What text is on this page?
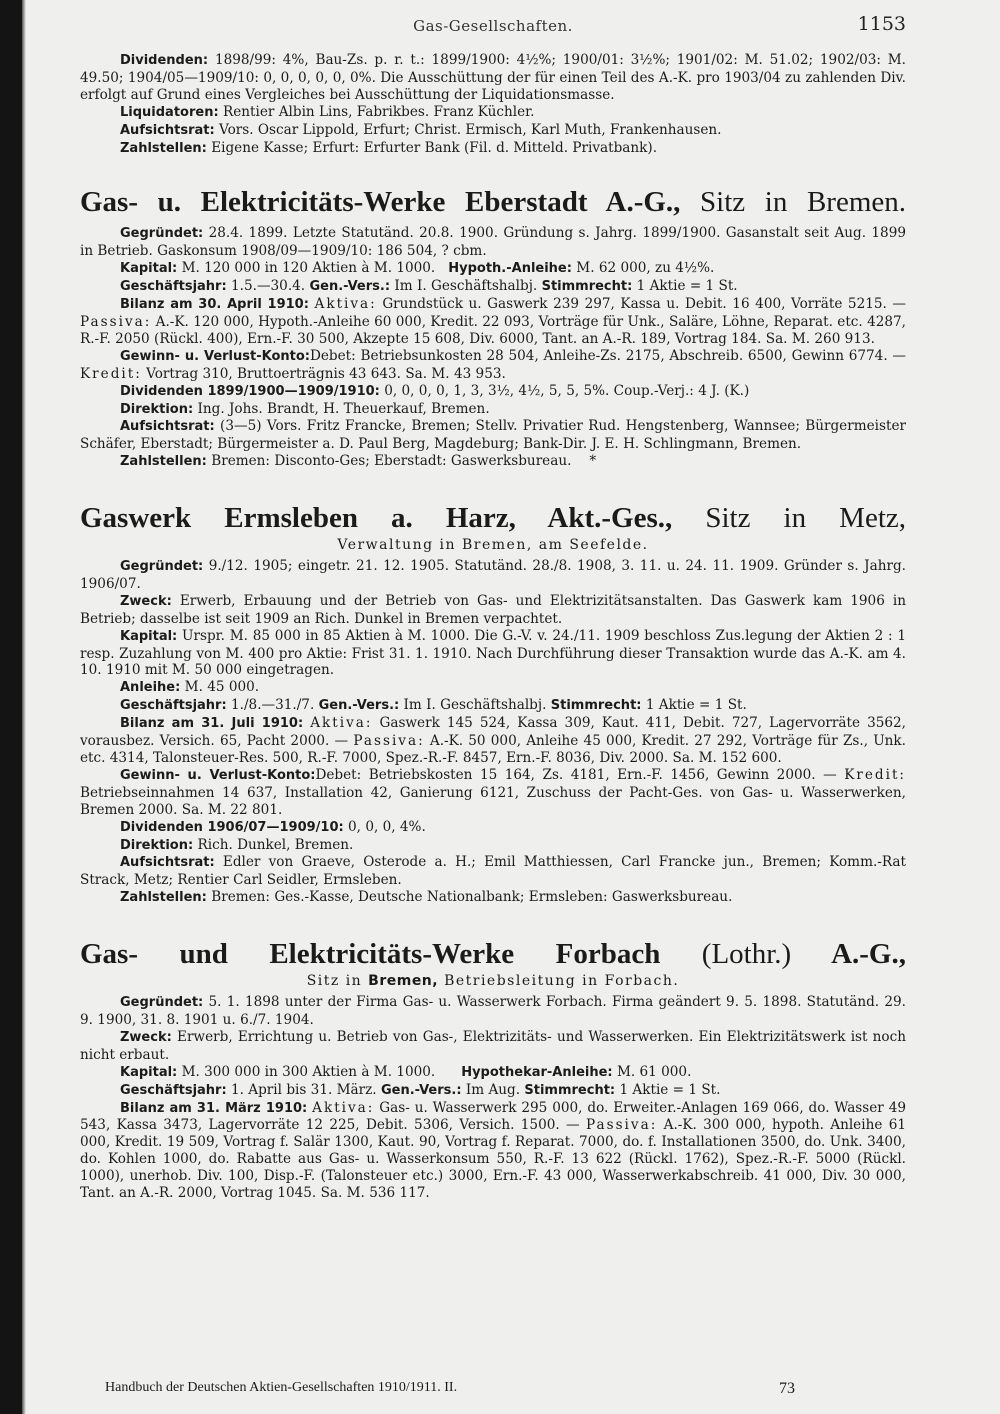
Gas-Gesellschaften.	1153

Dividenden: 1898/99: 4%, Bau-Zs. p. r. t.: 1899/1900: 4½%; 1900/01: 3½%; 1901/02: M. 51.02; 1902/03: M. 49.50; 1904/05—1909/10: 0, 0, 0, 0, 0, 0%. Die Ausschüttung der für einen Teil des A.-K. pro 1903/04 zu zahlenden Div. erfolgt auf Grund eines Vergleiches bei Ausschüttung der Liquidationsmasse.

Liquidatoren: Rentier Albin Lins, Fabrikbes. Franz Küchler.

Aufsichtsrat: Vors. Oscar Lippold, Erfurt; Christ. Ermisch, Karl Muth, Frankenhausen.

Zahlstellen: Eigene Kasse; Erfurt: Erfurter Bank (Fil. d. Mitteld. Privatbank).

Gas- u. Elektricitäts-Werke Eberstadt A.-G., Sitz in Bremen.

Gegründet: 28.4. 1899. Letzte Statutänd. 20.8. 1900. Gründung s. Jahrg. 1899/1900. Gasanstalt seit Aug. 1899 in Betrieb. Gaskonsum 1908/09—1909/10: 186 504, ? cbm.

Kapital: M. 120 000 in 120 Aktien à M. 1000. Hypoth.-Anleihe: M. 62 000, zu 4½%.

Geschäftsjahr: 1.5.—30.4. Gen.-Vers.: Im I. Geschäftshalbj. Stimmrecht: 1 Aktie = 1 St.

Bilanz am 30. April 1910: Aktiva: Grundstück u. Gaswerk 239 297, Kassa u. Debit. 16 400, Vorräte 5215. — Passiva: A.-K. 120 000, Hypoth.-Anleihe 60 000, Kredit. 22 093, Vorträge für Unk., Saläre, Löhne, Reparat. etc. 4287, R.-F. 2050 (Rückl. 400), Ern.-F. 30 500, Akzepte 15 608, Div. 6000, Tant. an A.-R. 189, Vortrag 184. Sa. M. 260 913.

Gewinn- u. Verlust-Konto:Debet: Betriebsunkosten 28 504, Anleihe-Zs. 2175, Abschreib. 6500, Gewinn 6774. — Kredit: Vortrag 310, Bruttoerträgnis 43 643. Sa. M. 43 953.

Dividenden 1899/1900—1909/1910: 0, 0, 0, 0, 1, 3, 3½, 4½, 5, 5, 5%. Coup.-Verj.: 4 J. (K.)

Direktion: Ing. Johs. Brandt, H. Theuerkauf, Bremen.

Aufsichtsrat: (3—5) Vors. Fritz Francke, Bremen; Stellv. Privatier Rud. Hengstenberg, Wannsee; Bürgermeister Schäfer, Eberstadt; Bürgermeister a. D. Paul Berg, Magdeburg; Bank-Dir. J. E. H. Schlingmann, Bremen.

Zahlstellen: Bremen: Disconto-Ges; Eberstadt: Gaswerksbureau. *

Gaswerk Ermsleben a. Harz, Akt.-Ges., Sitz in Metz,
Verwaltung in Bremen, am Seefelde.

Gegründet: 9./12. 1905; eingetr. 21. 12. 1905. Statutänd. 28./8. 1908, 3. 11. u. 24. 11. 1909. Gründer s. Jahrg. 1906/07.

Zweck: Erwerb, Erbauung und der Betrieb von Gas- und Elektrizitätsanstalten. Das Gaswerk kam 1906 in Betrieb; dasselbe ist seit 1909 an Rich. Dunkel in Bremen verpachtet.

Kapital: Urspr. M. 85 000 in 85 Aktien à M. 1000. Die G.-V. v. 24./11. 1909 beschloss Zus.legung der Aktien 2 : 1 resp. Zuzahlung von M. 400 pro Aktie: Frist 31. 1. 1910. Nach Durchführung dieser Transaktion wurde das A.-K. am 4. 10. 1910 mit M. 50 000 eingetragen.

Anleihe: M. 45 000.

Geschäftsjahr: 1./8.—31./7. Gen.-Vers.: Im I. Geschäftshalbj. Stimmrecht: 1 Aktie = 1 St.

Bilanz am 31. Juli 1910: Aktiva: Gaswerk 145 524, Kassa 309, Kaut. 411, Debit. 727, Lagervorräte 3562, vorausbez. Versich. 65, Pacht 2000. — Passiva: A.-K. 50 000, Anleihe 45 000, Kredit. 27 292, Vorträge für Zs., Unk. etc. 4314, Talonsteuer-Res. 500, R.-F. 7000, Spez.-R.-F. 8457, Ern.-F. 8036, Div. 2000. Sa. M. 152 600.

Gewinn- u. Verlust-Konto:Debet: Betriebskosten 15 164, Zs. 4181, Ern.-F. 1456, Gewinn 2000. — Kredit: Betriebseinnahmen 14 637, Installation 42, Ganierung 6121, Zuschuss der Pacht-Ges. von Gas- u. Wasserwerken, Bremen 2000. Sa. M. 22 801.

Dividenden 1906/07—1909/10: 0, 0, 0, 4%.

Direktion: Rich. Dunkel, Bremen.

Aufsichtsrat: Edler von Graeve, Osterode a. H.; Emil Matthiessen, Carl Francke jun., Bremen; Komm.-Rat Strack, Metz; Rentier Carl Seidler, Ermsleben.

Zahlstellen: Bremen: Ges.-Kasse, Deutsche Nationalbank; Ermsleben: Gaswerksbureau.

Gas- und Elektricitäts-Werke Forbach (Lothr.) A.-G.,
Sitz in Bremen, Betriebsleitung in Forbach.

Gegründet: 5. 1. 1898 unter der Firma Gas- u. Wasserwerk Forbach. Firma geändert 9. 5. 1898. Statutänd. 29. 9. 1900, 31. 8. 1901 u. 6./7. 1904.

Zweck: Erwerb, Errichtung u. Betrieb von Gas-, Elektrizitäts- und Wasserwerken. Ein Elektrizitätswerk ist noch nicht erbaut.

Kapital: M. 300 000 in 300 Aktien à M. 1000. Hypothekar-Anleihe: M. 61 000.

Geschäftsjahr: 1. April bis 31. März. Gen.-Vers.: Im Aug. Stimmrecht: 1 Aktie = 1 St.

Bilanz am 31. März 1910: Aktiva: Gas- u. Wasserwerk 295 000, do. Erweiter.-Anlagen 169 066, do. Wasser 49 543, Kassa 3473, Lagervorräte 12 225, Debit. 5306, Versich. 1500. — Passiva: A.-K. 300 000, hypoth. Anleihe 61 000, Kredit. 19 509, Vortrag f. Salär 1300, Kaut. 90, Vortrag f. Reparat. 7000, do. f. Installationen 3500, do. Unk. 3400, do. Kohlen 1000, do. Rabatte aus Gas- u. Wasserkonsum 550, R.-F. 13 622 (Rückl. 1762), Spez.-R.-F. 5000 (Rückl. 1000), unerhob. Div. 100, Disp.-F. (Talonsteuer etc.) 3000, Ern.-F. 43 000, Wasserwerkabschreib. 41 000, Div. 30 000, Tant. an A.-R. 2000, Vortrag 1045. Sa. M. 536 117.

Handbuch der Deutschen Aktien-Gesellschaften 1910/1911. II.	73
